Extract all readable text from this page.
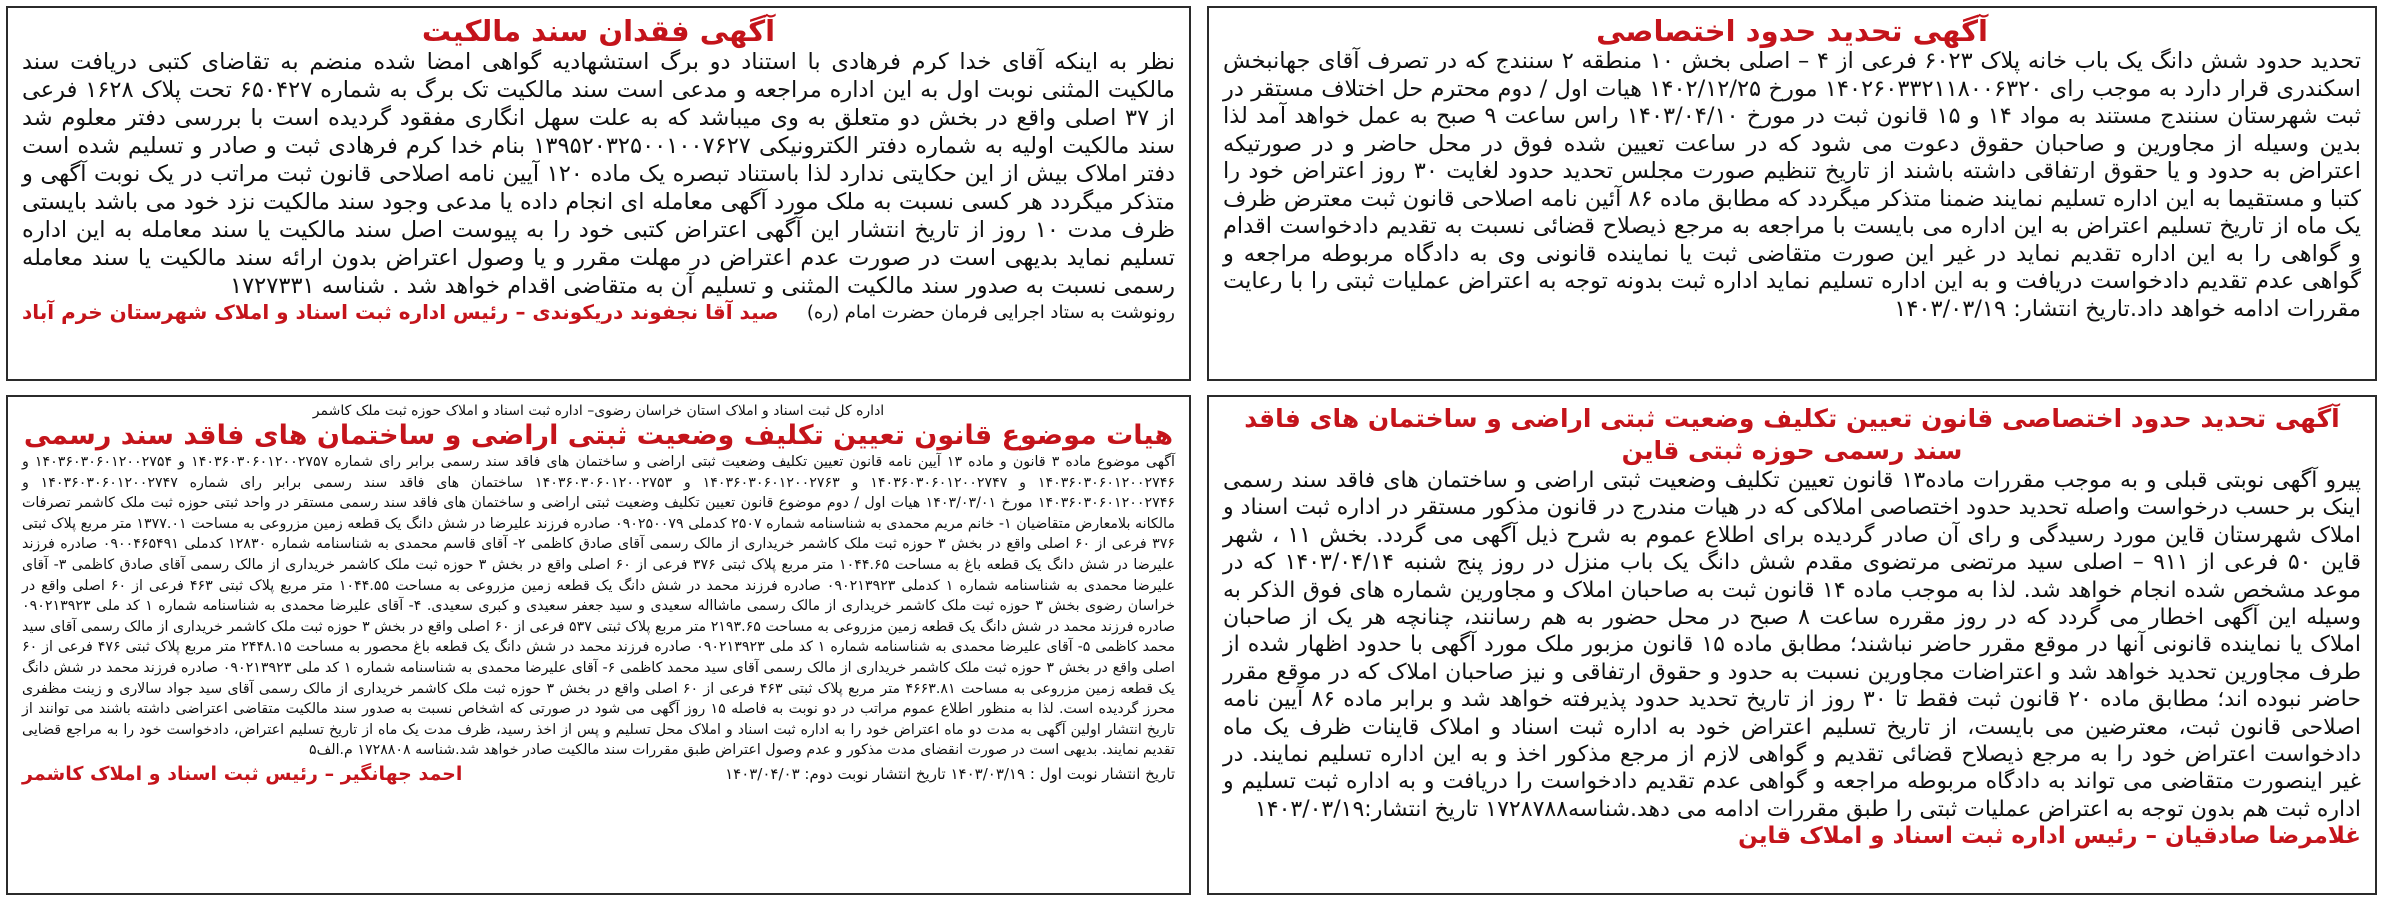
آگهی تحدید حدود اختصاصی

تحدید حدود شش دانگ یک باب خانه پلاک ۶۰۲۳ فرعی از ۴ – اصلی بخش ۱۰ منطقه ۲ سنندج که در تصرف آقای جهانبخش اسکندری قرار دارد به موجب رای ۱۴۰۲۶۰۳۳۲۱۱۸۰۰۶۳۲۰ مورخ ۱۴۰۲/۱۲/۲۵ هیات اول / دوم محترم حل اختلاف مستقر در ثبت شهرستان سنندج مستند به مواد ۱۴ و ۱۵ قانون ثبت در مورخ ۱۴۰۳/۰۴/۱۰ راس ساعت ۹ صبح به عمل خواهد آمد لذا بدین وسیله از مجاورین و صاحبان حقوق دعوت می شود که در ساعت تعیین شده فوق در محل حاضر و در صورتیکه اعتراض به حدود و یا حقوق ارتفاقی داشته باشند از تاریخ تنظیم صورت مجلس تحدید حدود لغایت ۳۰ روز اعتراض خود را کتبا و مستقیما به این اداره تسلیم نمایند ضمنا متذکر میگردد که مطابق ماده ۸۶ آئین نامه اصلاحی قانون ثبت معترض ظرف یک ماه از تاریخ تسلیم اعتراض به این اداره می بایست با مراجعه به مرجع ذیصلاح قضائی نسبت به تقدیم دادخواست اقدام و گواهی را به این اداره تقدیم نماید در غیر این صورت متقاضی ثبت یا نماینده قانونی وی به دادگاه مربوطه مراجعه و گواهی عدم تقدیم دادخواست دریافت و به این اداره تسلیم نماید اداره ثبت بدونه توجه به اعتراض عملیات ثبتی را با رعایت مقررات ادامه خواهد داد.تاریخ انتشار: ۱۴۰۳/۰۳/۱۹

آگهی فقدان سند مالکیت

نظر به اینکه آقای خدا کرم فرهادی با استناد دو برگ استشهادیه گواهی امضا شده منضم به تقاضای کتبی دریافت سند مالکیت المثنی نوبت اول به این اداره مراجعه و مدعی است سند مالکیت تک برگ به شماره ۶۵۰۴۲۷ تحت پلاک ۱۶۲۸ فرعی از ۳۷ اصلی واقع در بخش دو متعلق به وی میباشد که به علت سهل انگاری مفقود گردیده است با بررسی دفتر معلوم شد سند مالکیت اولیه به شماره دفتر الکترونیکی ۱۳۹۵۲۰۳۲۵۰۰۱۰۰۷۶۲۷ بنام خدا کرم فرهادی ثبت و صادر و تسلیم شده است دفتر املاک بیش از این حکایتی ندارد لذا باستناد تبصره یک ماده ۱۲۰ آیین نامه اصلاحی قانون ثبت مراتب در یک نوبت آگهی و متذکر میگردد هر کسی نسبت به ملک مورد آگهی معامله ای انجام داده یا مدعی وجود سند مالکیت نزد خود می باشد بایستی ظرف مدت ۱۰ روز از تاریخ انتشار این آگهی اعتراض کتبی خود را به پیوست اصل سند مالکیت یا سند معامله به این اداره تسلیم نماید بدیهی است در صورت عدم اعتراض در مهلت مقرر و یا وصول اعتراض بدون ارائه سند مالکیت یا سند معامله رسمی نسبت به صدور سند مالکیت المثنی و تسلیم آن به متقاضی اقدام خواهد شد . شناسه ۱۷۲۷۳۳۱

رونوشت به ستاد اجرایی فرمان حضرت امام (ره)

صید آقا نجفوند دریکوندی – رئیس اداره ثبت اسناد و املاک شهرستان خرم آباد

آگهی تحدید حدود اختصاصی قانون تعیین تکلیف وضعیت ثبتی اراضی و ساختمان های فاقد سند رسمی حوزه ثبتی قاین

پیرو آگهی نوبتی قبلی و به موجب مقررات ماده۱۳ قانون تعیین تکلیف وضعیت ثبتی اراضی و ساختمان های فاقد سند رسمی اینک بر حسب درخواست واصله تحدید حدود اختصاصی املاکی که در هیات مندرج در قانون مذکور مستقر در اداره ثبت اسناد و املاک شهرستان قاین مورد رسیدگی و رای آن صادر گردیده برای اطلاع عموم به شرح ذیل آگهی می گردد. بخش ۱۱ ، شهر قاین ۵۰ فرعی از ۹۱۱ – اصلی سید مرتضی مرتضوی مقدم شش دانگ یک باب منزل در روز پنج شنبه ۱۴۰۳/۰۴/۱۴ که در موعد مشخص شده انجام خواهد شد. لذا به موجب ماده ۱۴ قانون ثبت به صاحبان املاک و مجاورین شماره های فوق الذکر به وسیله این آگهی اخطار می گردد که در روز مقرره ساعت ۸ صبح در محل حضور به هم رسانند، چنانچه هر یک از صاحبان املاک یا نماینده قانونی آنها در موقع مقرر حاضر نباشند؛ مطابق ماده ۱۵ قانون مزبور ملک مورد آگهی با حدود اظهار شده از طرف مجاورین تحدید خواهد شد و اعتراضات مجاورین نسبت به حدود و حقوق ارتفاقی و نیز صاحبان املاک که در موقع مقرر حاضر نبوده اند؛ مطابق ماده ۲۰ قانون ثبت فقط تا ۳۰ روز از تاریخ تحدید حدود پذیرفته خواهد شد و برابر ماده ۸۶ آیین نامه اصلاحی قانون ثبت، معترضین می بایست، از تاریخ تسلیم اعتراض خود به اداره ثبت اسناد و املاک قاینات ظرف یک ماه دادخواست اعتراض خود را به مرجع ذیصلاح قضائی تقدیم و گواهی لازم از مرجع مذکور اخذ و به این اداره تسلیم نمایند. در غیر اینصورت متقاضی می تواند به دادگاه مربوطه مراجعه و گواهی عدم تقدیم دادخواست را دریافت و به اداره ثبت تسلیم و اداره ثبت هم بدون توجه به اعتراض عملیات ثبتی را طبق مقررات ادامه می دهد.شناسه۱۷۲۸۷۸۸ تاریخ انتشار:۱۴۰۳/۰۳/۱۹

غلامرضا صادقیان – رئیس اداره ثبت اسناد و املاک قاین

اداره کل ثبت اسناد و املاک استان خراسان رضوی– اداره ثبت اسناد و املاک حوزه ثبت ملک کاشمر

هیات موضوع قانون تعیین تکلیف وضعیت ثبتی اراضی و ساختمان های فاقد سند رسمی

آگهی موضوع ماده ۳ قانون و ماده ۱۳ آیین نامه قانون تعیین تکلیف وضعیت ثبتی اراضی و ساختمان های فاقد سند رسمی برابر رای شماره ۱۴۰۳۶۰۳۰۶۰۱۲۰۰۲۷۵۷ و ۱۴۰۳۶۰۳۰۶۰۱۲۰۰۲۷۵۴ و ۱۴۰۳۶۰۳۰۶۰۱۲۰۰۲۷۴۶ و ۱۴۰۳۶۰۳۰۶۰۱۲۰۰۲۷۴۷ و ۱۴۰۳۶۰۳۰۶۰۱۲۰۰۲۷۶۳ و ۱۴۰۳۶۰۳۰۶۰۱۲۰۰۲۷۵۳ ساختمان های فاقد سند رسمی برابر رای شماره ۱۴۰۳۶۰۳۰۶۰۱۲۰۰۲۷۴۷ و ۱۴۰۳۶۰۳۰۶۰۱۲۰۰۲۷۴۶ مورخ ۱۴۰۳/۰۳/۰۱ هیات اول / دوم موضوع قانون تعیین تکلیف وضعیت ثبتی اراضی و ساختمان های فاقد سند رسمی مستقر در واحد ثبتی حوزه ثبت ملک کاشمر تصرفات مالکانه بلامعارض متقاضیان ۱- خانم مریم محمدی به شناسنامه شماره ۲۵۰۷ کدملی ۰۹۰۲۵۰۰۷۹ صادره فرزند علیرضا در شش دانگ یک قطعه زمین مزروعی به مساحت ۱۳۷۷.۰۱ متر مربع پلاک ثبتی ۳۷۶ فرعی از ۶۰ اصلی واقع در بخش ۳ حوزه ثبت ملک کاشمر خریداری از مالک رسمی آقای صادق کاظمی ۲- آقای قاسم محمدی به شناسنامه شماره ۱۲۸۳۰ کدملی ۰۹۰۰۴۶۵۴۹۱ صادره فرزند علیرضا در شش دانگ یک قطعه باغ به مساحت ۱۰۴۴.۶۵ متر مربع پلاک ثبتی ۳۷۶ فرعی از ۶۰ اصلی واقع در بخش ۳ حوزه ثبت ملک کاشمر خریداری از مالک رسمی آقای صادق کاظمی ۳- آقای علیرضا محمدی به شناسنامه شماره ۱ کدملی ۰۹۰۲۱۳۹۲۳ صادره فرزند محمد در شش دانگ یک قطعه زمین مزروعی به مساحت ۱۰۴۴.۵۵ متر مربع پلاک ثبتی ۴۶۳ فرعی از ۶۰ اصلی واقع در خراسان رضوی بخش ۳ حوزه ثبت ملک کاشمر خریداری از مالک رسمی ماشااله سعیدی و سید جعفر سعیدی و کبری سعیدی. ۴- آقای علیرضا محمدی به شناسنامه شماره ۱ کد ملی ۰۹۰۲۱۳۹۲۳ صادره فرزند محمد در شش دانگ یک قطعه زمین مزروعی به مساحت ۲۱۹۳.۶۵ متر مربع پلاک ثبتی ۵۳۷ فرعی از ۶۰ اصلی واقع در بخش ۳ حوزه ثبت ملک کاشمر خریداری از مالک رسمی آقای سید محمد کاظمی ۵- آقای علیرضا محمدی به شناسنامه شماره ۱ کد ملی ۰۹۰۲۱۳۹۲۳ صادره فرزند محمد در شش دانگ یک قطعه باغ محصور به مساحت ۲۴۴۸.۱۵ متر مربع پلاک ثبتی ۴۷۶ فرعی از ۶۰ اصلی واقع در بخش ۳ حوزه ثبت ملک کاشمر خریداری از مالک رسمی آقای سید محمد کاظمی ۶- آقای علیرضا محمدی به شناسنامه شماره ۱ کد ملی ۰۹۰۲۱۳۹۲۳ صادره فرزند محمد در شش دانگ یک قطعه زمین مزروعی به مساحت ۴۶۶۳.۸۱ متر مربع پلاک ثبتی ۴۶۳ فرعی از ۶۰ اصلی واقع در بخش ۳ حوزه ثبت ملک کاشمر خریداری از مالک رسمی آقای سید جواد سالاری و زینت مظفری محرز گردیده است. لذا به منظور اطلاع عموم مراتب در دو نوبت به فاصله ۱۵ روز آگهی می شود در صورتی که اشخاص نسبت به صدور سند مالکیت متقاضی اعتراضی داشته باشند می توانند از تاریخ انتشار اولین آگهی به مدت دو ماه اعتراض خود را به اداره ثبت اسناد و املاک محل تسلیم و پس از اخذ رسید، ظرف مدت یک ماه از تاریخ تسلیم اعتراض، دادخواست خود را به مراجع قضایی تقدیم نمایند. بدیهی است در صورت انقضای مدت مذکور و عدم وصول اعتراض طبق مقررات سند مالکیت صادر خواهد شد.شناسه ۱۷۲۸۸۰۸ م.الف۵

تاریخ انتشار نوبت اول : ۱۴۰۳/۰۳/۱۹ تاریخ انتشار نوبت دوم: ۱۴۰۳/۰۴/۰۳

احمد جهانگیر – رئیس ثبت اسناد و املاک کاشمر
